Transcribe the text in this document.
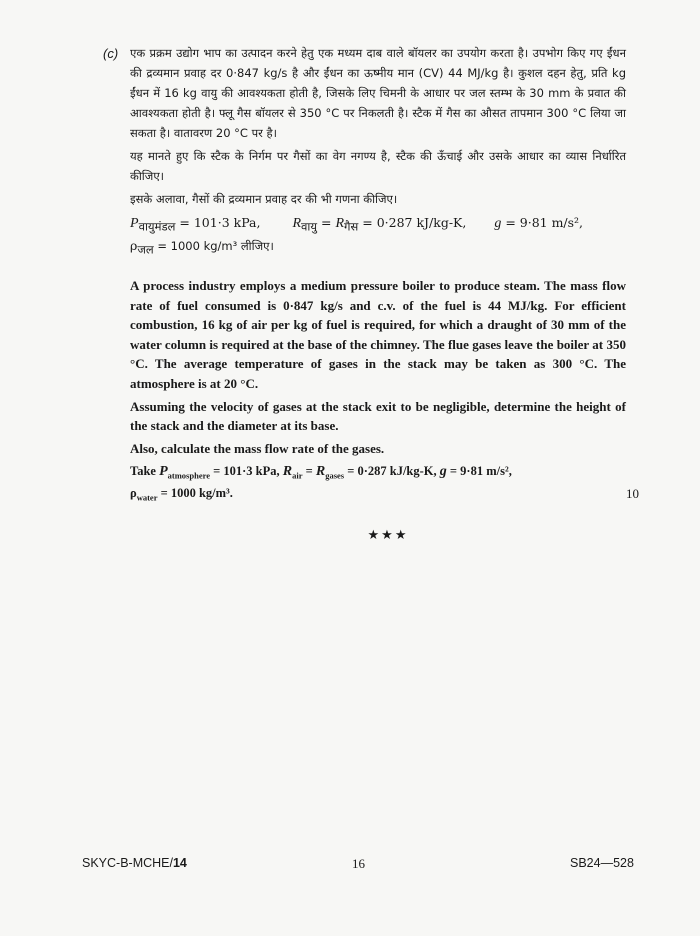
(c) एक प्रक्रम उद्योग भाप का उत्पादन करने हेतु एक मध्यम दाब वाले बॉयलर का उपयोग करता है। उपभोग किए गए ईंधन की द्रव्यमान प्रवाह दर 0·847 kg/s है और ईंधन का ऊष्मीय मान (CV) 44 MJ/kg है। कुशल दहन हेतु, प्रति kg ईंधन में 16 kg वायु की आवश्यकता होती है, जिसके लिए चिमनी के आधार पर जल स्तम्भ के 30 mm के प्रवात की आवश्यकता होती है। फ्लू गैस बॉयलर से 350 °C पर निकलती है। स्टैक में गैस का औसत तापमान 300 °C लिया जा सकता है। वातावरण 20 °C पर है।

यह मानते हुए कि स्टैक के निर्गम पर गैसों का वेग नगण्य है, स्टैक की ऊँचाई और उसके आधार का व्यास निर्धारित कीजिए।

इसके अलावा, गैसों की द्रव्यमान प्रवाह दर की भी गणना कीजिए।

$P_{वायुमंडल} = 101\cdot 3$ kPa, $R_{वायु} = R_{गैस} = 0\cdot 287$ kJ/kg-K, g = 9·81 m/s²,
$\rho_{जल} = 1000$ kg/m³ लीजिए।

A process industry employs a medium pressure boiler to produce steam. The mass flow rate of fuel consumed is 0·847 kg/s and c.v. of the fuel is 44 MJ/kg. For efficient combustion, 16 kg of air per kg of fuel is required, for which a draught of 30 mm of the water column is required at the base of the chimney. The flue gases leave the boiler at 350 °C. The average temperature of gases in the stack may be taken as 300 °C. The atmosphere is at 20 °C.

Assuming the velocity of gases at the stack exit to be negligible, determine the height of the stack and the diameter at its base.

Also, calculate the mass flow rate of the gases.

Take $P_{atmosphere} = 101\cdot 3$ kPa, $R_{air} = R_{gases} = 0\cdot 287$ kJ/kg-K, g = 9·81 m/s²,
$\rho_{water} = 1000$ kg/m³.	10
★★★
SKYC-B-MCHE/14	16	SB24—528
